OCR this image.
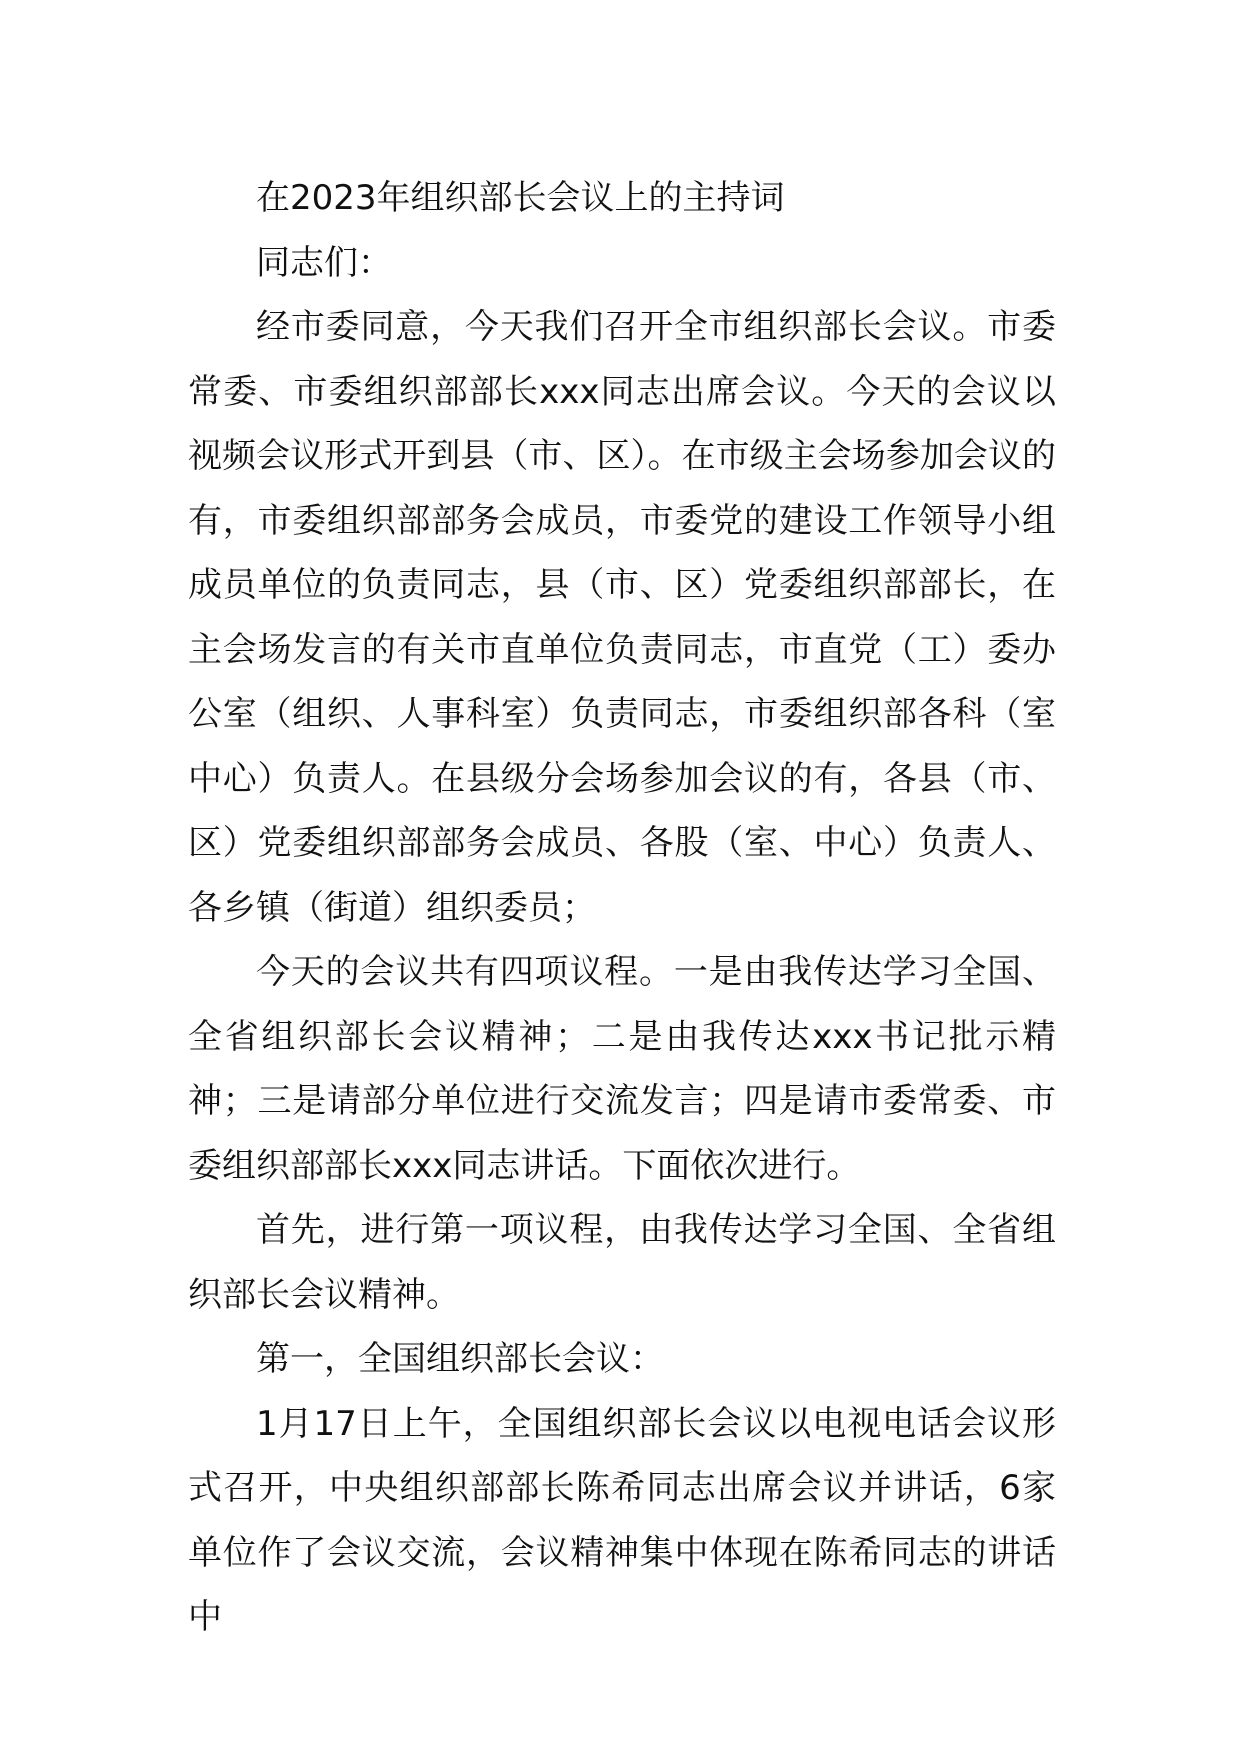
在2023年组织部长会议上的主持词

同志们：

经市委同意，今天我们召开全市组织部长会议。市委常委、市委组织部部长xxx同志出席会议。今天的会议以视频会议形式开到县（市、区）。在市级主会场参加会议的有，市委组织部部务会成员，市委党的建设工作领导小组成员单位的负责同志，县（市、区）党委组织部部长，在主会场发言的有关市直单位负责同志，市直党（工）委办公室（组织、人事科室）负责同志，市委组织部各科（室中心）负责人。在县级分会场参加会议的有，各县（市、区）党委组织部部务会成员、各股（室、中心）负责人、各乡镇（街道）组织委员；

今天的会议共有四项议程。一是由我传达学习全国、全省组织部长会议精神；二是由我传达xxx书记批示精神；三是请部分单位进行交流发言；四是请市委常委、市委组织部部长xxx同志讲话。下面依次进行。

首先，进行第一项议程，由我传达学习全国、全省组织部长会议精神。

第一，全国组织部长会议：

1月17日上午，全国组织部长会议以电视电话会议形式召开，中央组织部部长陈希同志出席会议并讲话，6家单位作了会议交流，会议精神集中体现在陈希同志的讲话中
